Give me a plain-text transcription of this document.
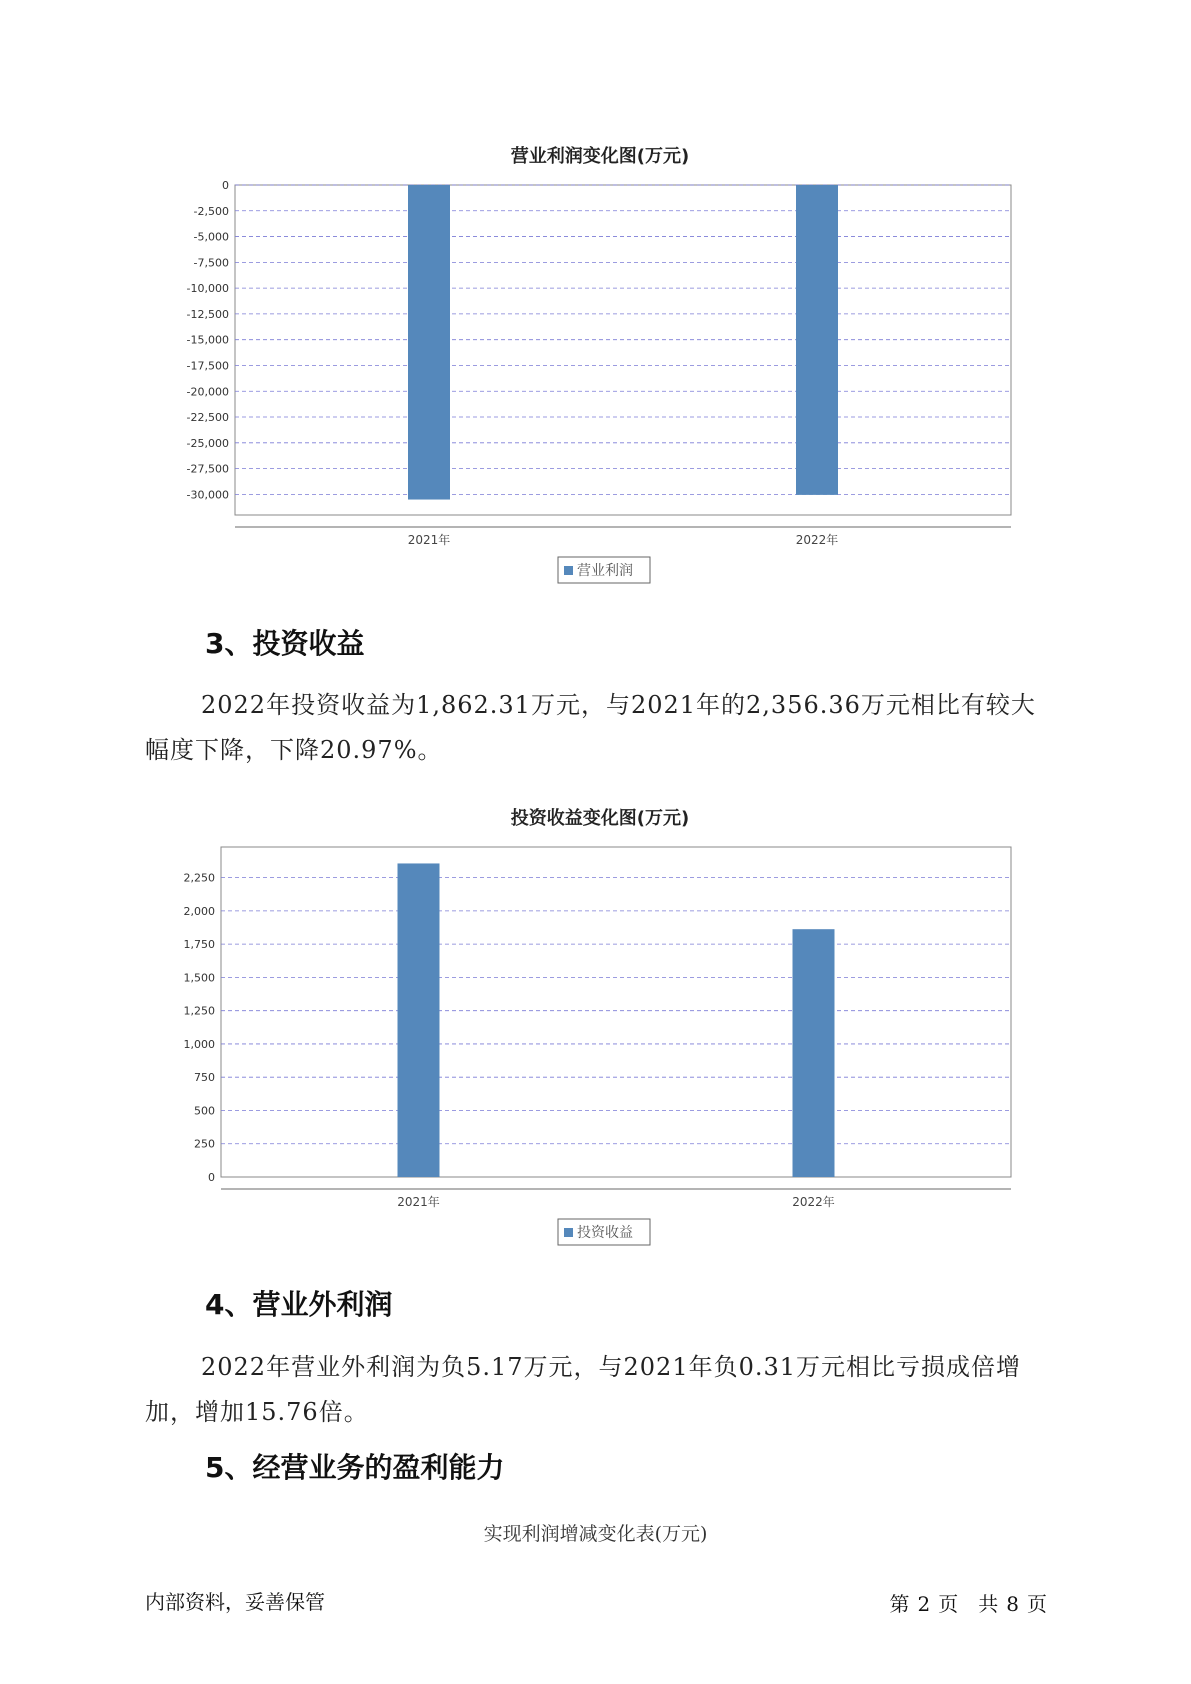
营业利润变化图(万元)
0
-2,500
-5,000
-7,500
-10,000
-12,500
-15,000
-17,500
-20,000
-22,500
-25,000
-27,500
-30,000
2021年	2022年
营业利润
3、投资收益
2022年投资收益为1,862.31万元，与2021年的2,356.36万元相比有较大幅度下降，下降20.97%。
投资收益变化图(万元)
0
250
500
750
1,000
1,250
1,500
1,750
2,000
2,250
2021年	2022年
投资收益
4、营业外利润
2022年营业外利润为负5.17万元，与2021年负0.31万元相比亏损成倍增加，增加15.76倍。
5、经营业务的盈利能力
实现利润增减变化表(万元)
内部资料，妥善保管	第 2 页　共 8 页
